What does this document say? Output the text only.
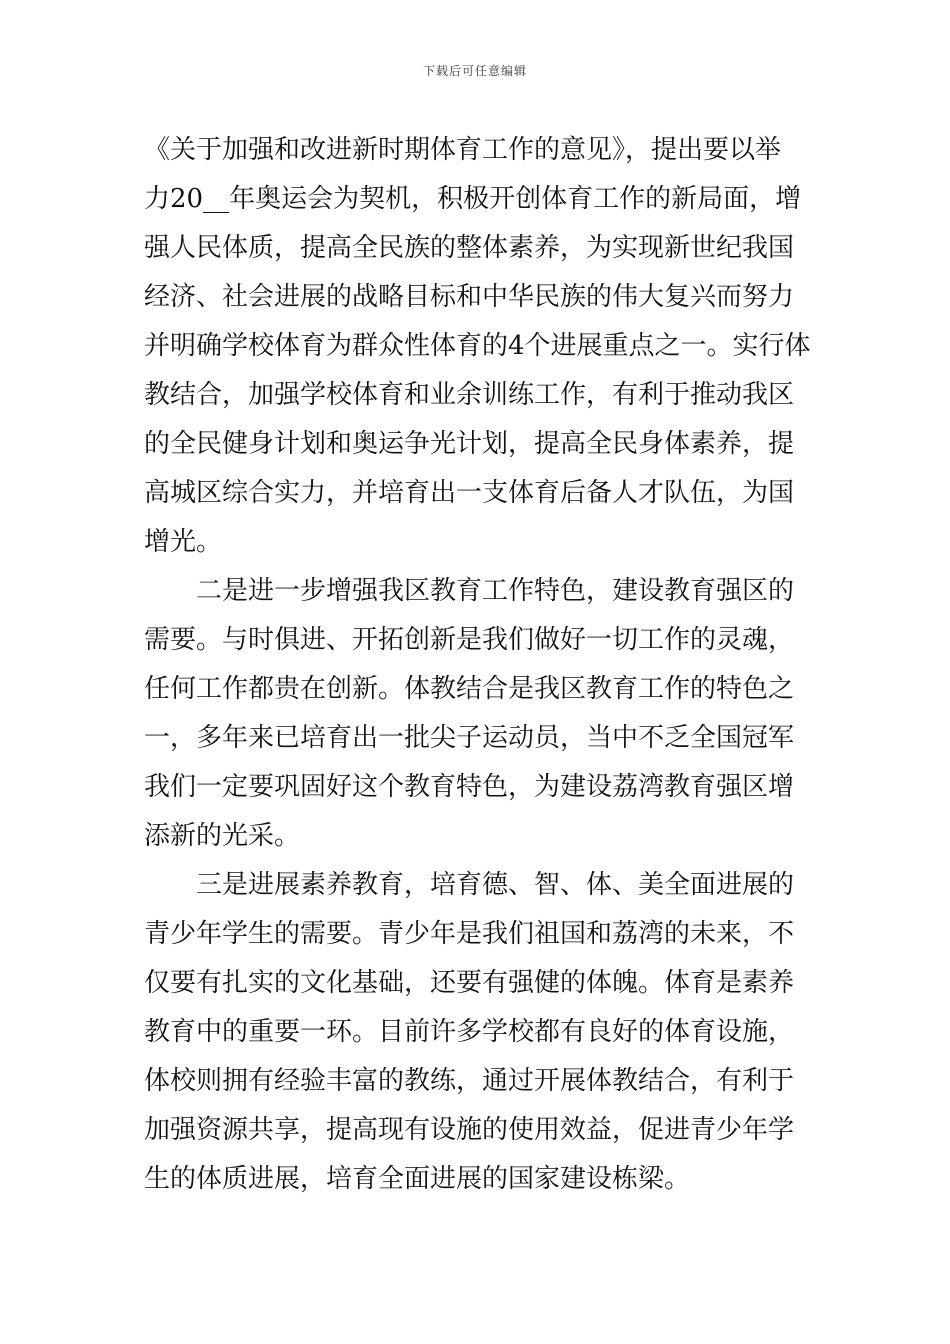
下载后可任意编辑
《关于加强和改进新时期体育工作的意见》，提出要以举
力20__年奥运会为契机，积极开创体育工作的新局面，增
强人民体质，提高全民族的整体素养，为实现新世纪我国
经济、社会进展的战略目标和中华民族的伟大复兴而努力
并明确学校体育为群众性体育的4个进展重点之一。实行体
教结合，加强学校体育和业余训练工作，有利于推动我区
的全民健身计划和奥运争光计划，提高全民身体素养，提
高城区综合实力，并培育出一支体育后备人才队伍，为国
增光。
二是进一步增强我区教育工作特色，建设教育强区的
需要。与时俱进、开拓创新是我们做好一切工作的灵魂，
任何工作都贵在创新。体教结合是我区教育工作的特色之
一，多年来已培育出一批尖子运动员，当中不乏全国冠军
我们一定要巩固好这个教育特色，为建设荔湾教育强区增
添新的光采。
三是进展素养教育，培育德、智、体、美全面进展的
青少年学生的需要。青少年是我们祖国和荔湾的未来，不
仅要有扎实的文化基础，还要有强健的体魄。体育是素养
教育中的重要一环。目前许多学校都有良好的体育设施，
体校则拥有经验丰富的教练，通过开展体教结合，有利于
加强资源共享，提高现有设施的使用效益，促进青少年学
生的体质进展，培育全面进展的国家建设栋梁。
